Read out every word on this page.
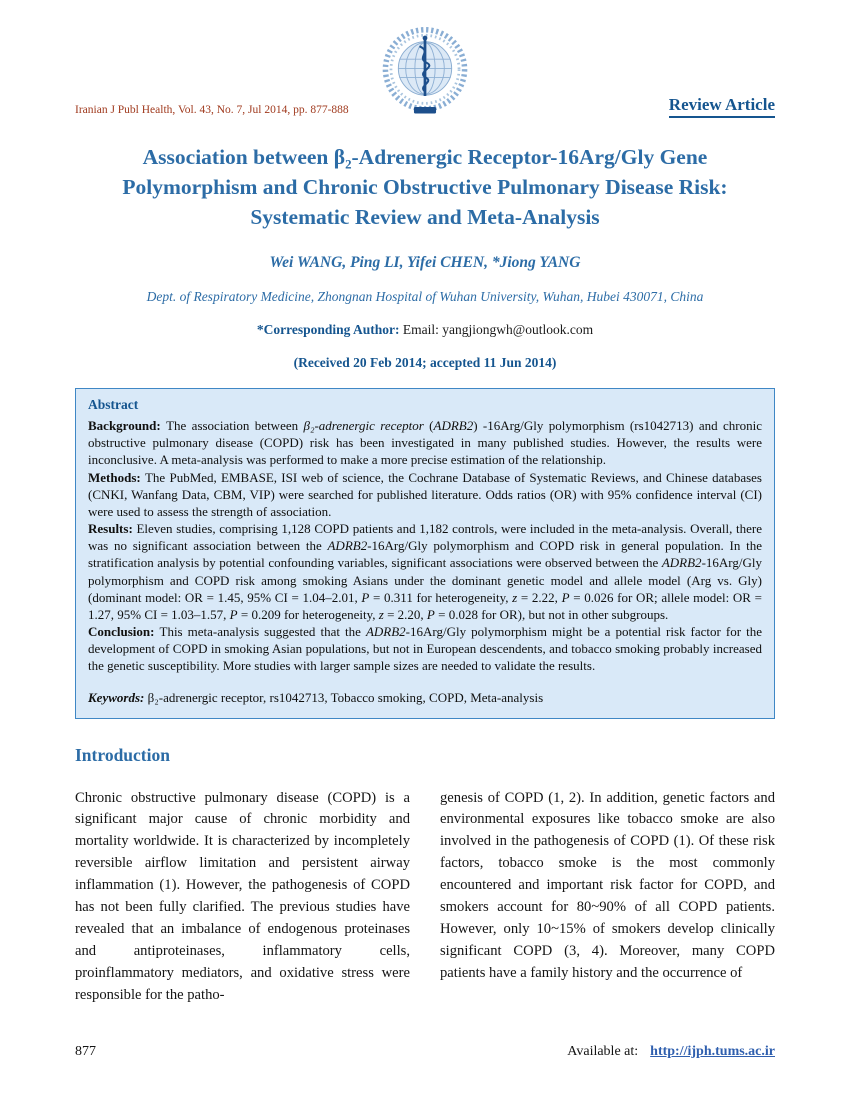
Iranian J Publ Health, Vol. 43, No. 7, Jul 2014, pp. 877-888	Review Article
Association between β₂-Adrenergic Receptor-16Arg/Gly Gene Polymorphism and Chronic Obstructive Pulmonary Disease Risk: Systematic Review and Meta-Analysis
Wei WANG, Ping LI, Yifei CHEN, *Jiong YANG
Dept. of Respiratory Medicine, Zhongnan Hospital of Wuhan University, Wuhan, Hubei 430071, China
*Corresponding Author: Email: yangjiongwh@outlook.com
(Received 20 Feb 2014; accepted 11 Jun 2014)
Abstract

Background: The association between β₂-adrenergic receptor (ADRB2) -16Arg/Gly polymorphism (rs1042713) and chronic obstructive pulmonary disease (COPD) risk has been investigated in many published studies. However, the results were inconclusive. A meta-analysis was performed to make a more precise estimation of the relationship.

Methods: The PubMed, EMBASE, ISI web of science, the Cochrane Database of Systematic Reviews, and Chinese databases (CNKI, Wanfang Data, CBM, VIP) were searched for published literature. Odds ratios (OR) with 95% confidence interval (CI) were used to assess the strength of association.

Results: Eleven studies, comprising 1,128 COPD patients and 1,182 controls, were included in the meta-analysis. Overall, there was no significant association between the ADRB2-16Arg/Gly polymorphism and COPD risk in general population. In the stratification analysis by potential confounding variables, significant associations were observed between the ADRB2-16Arg/Gly polymorphism and COPD risk among smoking Asians under the dominant genetic model and allele model (Arg vs. Gly) (dominant model: OR = 1.45, 95% CI = 1.04–2.01, P = 0.311 for heterogeneity, z = 2.22, P = 0.026 for OR; allele model: OR = 1.27, 95% CI = 1.03–1.57, P = 0.209 for heterogeneity, z = 2.20, P = 0.028 for OR), but not in other subgroups.

Conclusion: This meta-analysis suggested that the ADRB2-16Arg/Gly polymorphism might be a potential risk factor for the development of COPD in smoking Asian populations, but not in European descendents, and tobacco smoking probably increased the genetic susceptibility. More studies with larger sample sizes are needed to validate the results.

Keywords: β₂-adrenergic receptor, rs1042713, Tobacco smoking, COPD, Meta-analysis

Introduction
Chronic obstructive pulmonary disease (COPD) is a significant major cause of chronic morbidity and mortality worldwide. It is characterized by incompletely reversible airflow limitation and persistent airway inflammation (1). However, the pathogenesis of COPD has not been fully clarified. The previous studies have revealed that an imbalance of endogenous proteinases and antiproteinases, inflammatory cells, proinflammatory mediators, and oxidative stress were responsible for the patho-
genesis of COPD (1, 2). In addition, genetic factors and environmental exposures like tobacco smoke are also involved in the pathogenesis of COPD (1). Of these risk factors, tobacco smoke is the most commonly encountered and important risk factor for COPD, and smokers account for 80~90% of all COPD patients. However, only 10~15% of smokers develop clinically significant COPD (3, 4). Moreover, many COPD patients have a family history and the occurrence of
877	Available at: http://ijph.tums.ac.ir
